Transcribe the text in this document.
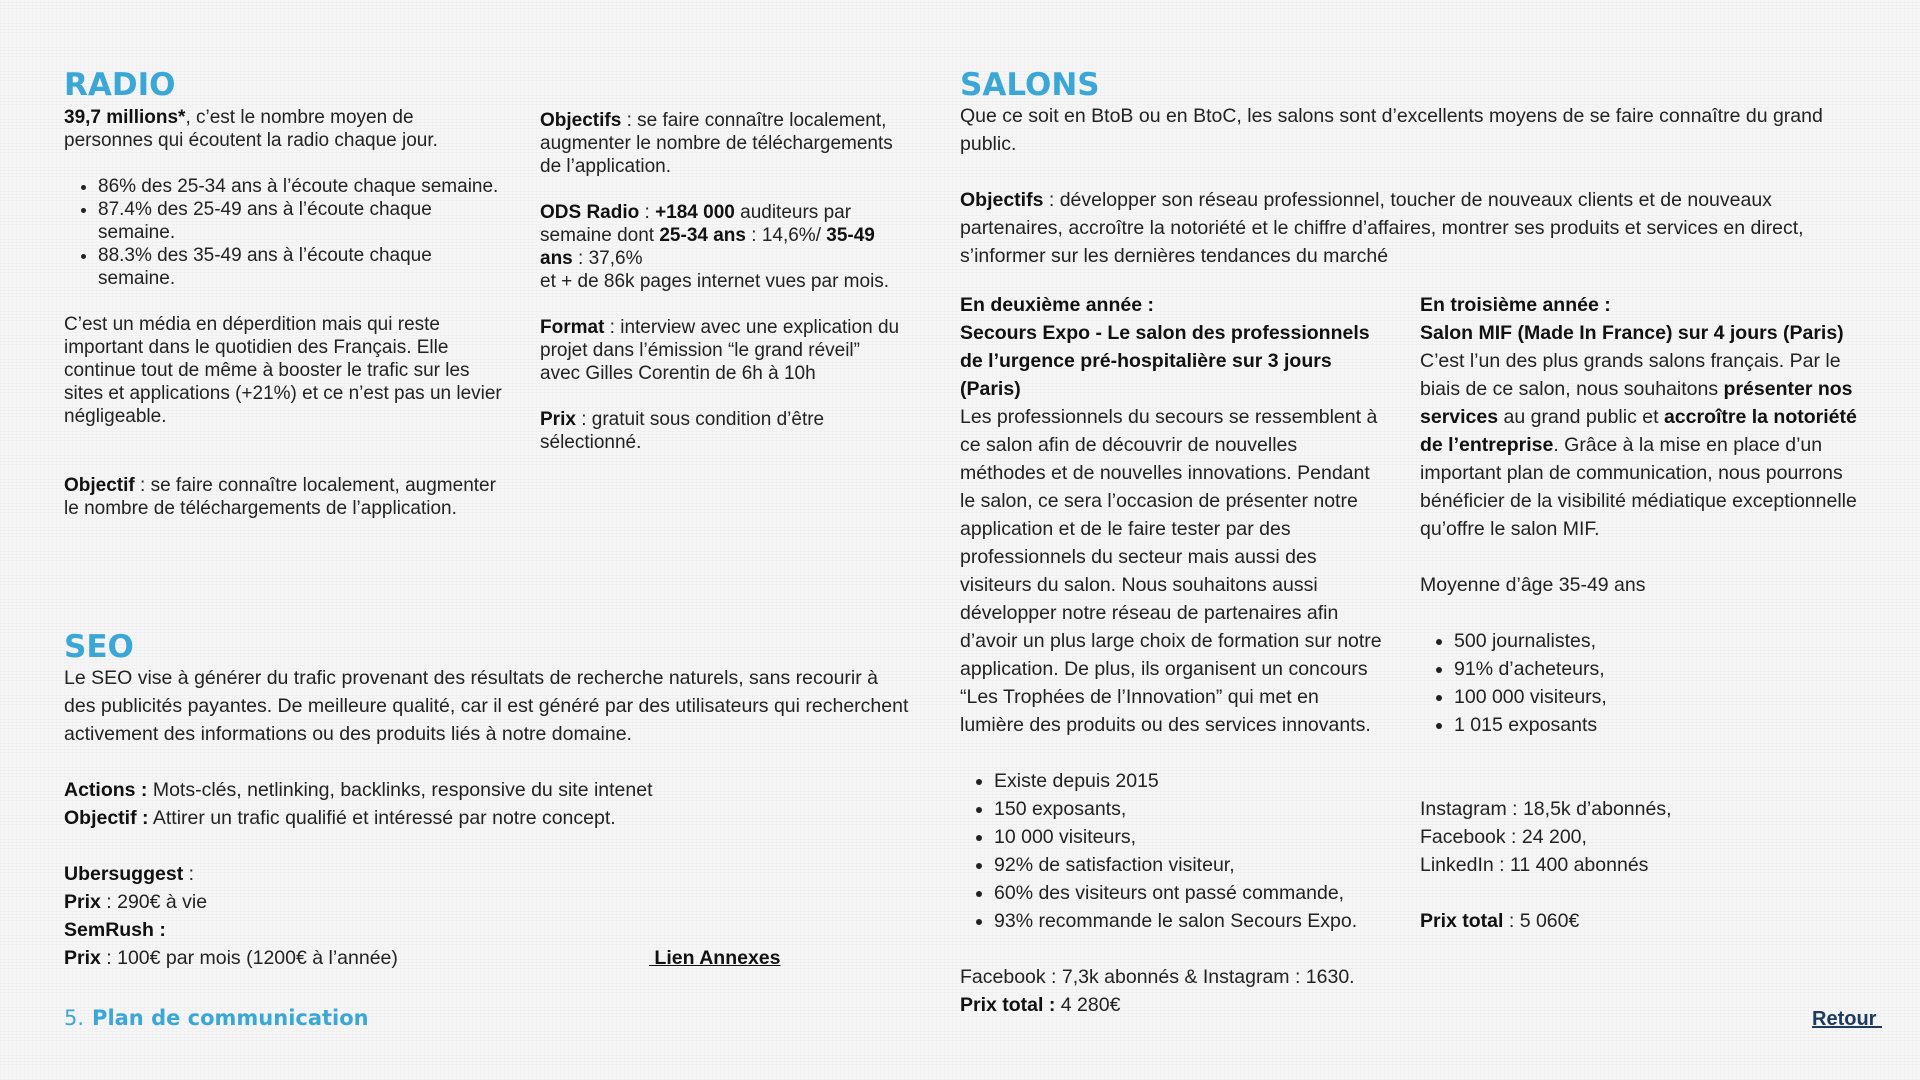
RADIO

39,7 millions*, c’est le nombre moyen de personnes qui écoutent la radio chaque jour.

• 86% des 25-34 ans à l’écoute chaque semaine.
• 87.4% des 25-49 ans à l’écoute chaque semaine.
• 88.3% des 35-49 ans à l’écoute chaque semaine.

C’est un média en déperdition mais qui reste important dans le quotidien des Français. Elle continue tout de même à booster le trafic sur les sites et applications (+21%) et ce n’est pas un levier négligeable.

Objectif : se faire connaître localement, augmenter le nombre de téléchargements de l’application.

Objectifs : se faire connaître localement, augmenter le nombre de téléchargements de l’application.

ODS Radio : +184 000 auditeurs par semaine dont 25-34 ans : 14,6%/ 35-49 ans : 37,6%

et + de 86k pages internet vues par mois.

Format : interview avec une explication du projet dans l’émission “le grand réveil” avec Gilles Corentin de 6h à 10h

Prix : gratuit sous condition d’être sélectionné.

SEO

Le SEO vise à générer du trafic provenant des résultats de recherche naturels, sans recourir à des publicités payantes. De meilleure qualité, car il est généré par des utilisateurs qui recherchent activement des informations ou des produits liés à notre domaine.

Actions : Mots-clés, netlinking, backlinks, responsive du site intenet

Objectif : Attirer un trafic qualifié et intéressé par notre concept.

Ubersuggest :

Prix : 290€ à vie

SemRush :

Prix : 100€ par mois (1200€ à l’année)	Lien Annexes

SALONS

Que ce soit en BtoB ou en BtoC, les salons sont d’excellents moyens de se faire connaître du grand public.

Objectifs : développer son réseau professionnel, toucher de nouveaux clients et de nouveaux partenaires, accroître la notoriété et le chiffre d’affaires, montrer ses produits et services en direct, s’informer sur les dernières tendances du marché

En deuxième année :

Secours Expo - Le salon des professionnels de l’urgence pré-hospitalière sur 3 jours (Paris)

Les professionnels du secours se ressemblent à ce salon afin de découvrir de nouvelles méthodes et de nouvelles innovations. Pendant le salon, ce sera l’occasion de présenter notre application et de le faire tester par des professionnels du secteur mais aussi des visiteurs du salon. Nous souhaitons aussi développer notre réseau de partenaires afin d’avoir un plus large choix de formation sur notre application. De plus, ils organisent un concours “Les Trophées de l’Innovation” qui met en lumière des produits ou des services innovants.

• Existe depuis 2015
• 150 exposants,
• 10 000 visiteurs,
• 92% de satisfaction visiteur,
• 60% des visiteurs ont passé commande,
• 93% recommande le salon Secours Expo.

Facebook : 7,3k abonnés & Instagram : 1630.

Prix total : 4 280€

En troisième année :

Salon MIF (Made In France) sur 4 jours (Paris)

C’est l’un des plus grands salons français. Par le biais de ce salon, nous souhaitons présenter nos services au grand public et accroître la notoriété de l’entreprise. Grâce à la mise en place d’un important plan de communication, nous pourrons bénéficier de la visibilité médiatique exceptionnelle qu’offre le salon MIF.

Moyenne d’âge 35-49 ans

• 500 journalistes,
• 91% d’acheteurs,
• 100 000 visiteurs,
• 1 015 exposants

Instagram : 18,5k d’abonnés,

Facebook : 24 200,

LinkedIn : 11 400 abonnés

Prix total : 5 060€

5. Plan de communication	Retour
